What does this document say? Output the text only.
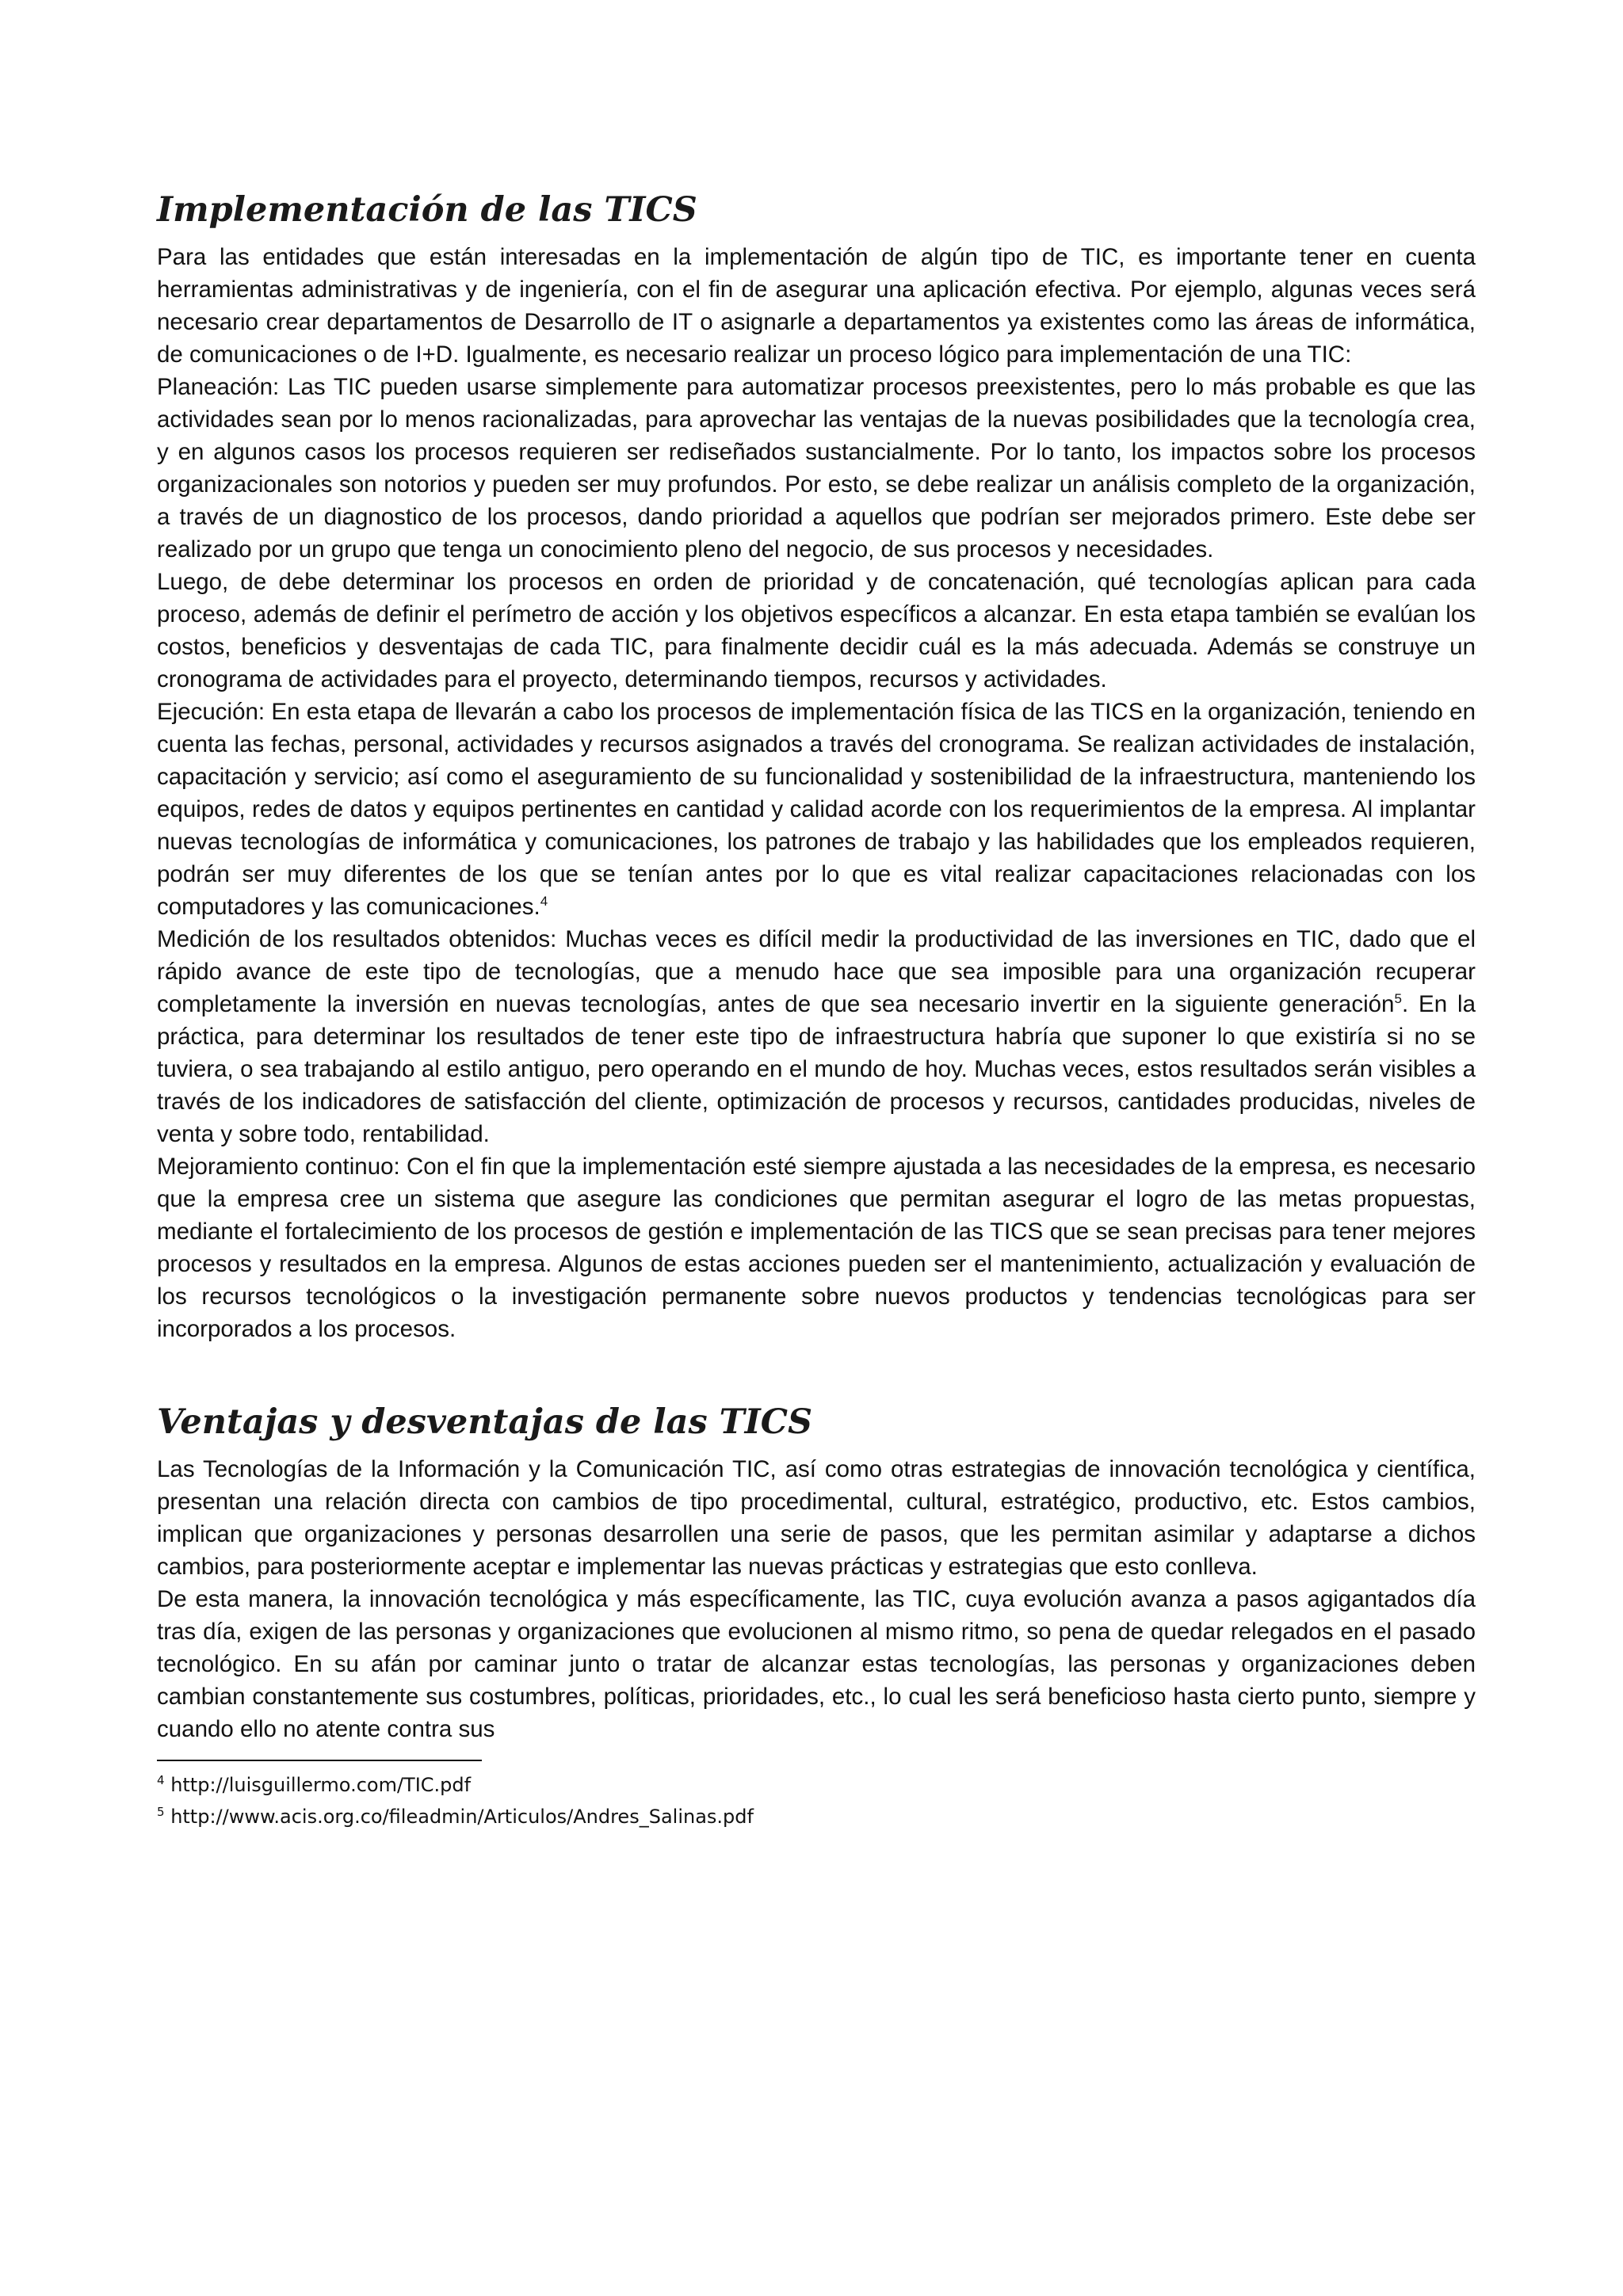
Implementación de las TICS

Para las entidades que están interesadas en la implementación de algún tipo de TIC, es importante tener en cuenta herramientas administrativas y de ingeniería, con el fin de asegurar una aplicación efectiva. Por ejemplo, algunas veces será necesario crear departamentos de Desarrollo de IT o asignarle a departamentos ya existentes como las áreas de informática, de comunicaciones o de I+D. Igualmente, es necesario realizar un proceso lógico para implementación de una TIC:

Planeación: Las TIC pueden usarse simplemente para automatizar procesos preexistentes, pero lo más probable es que las actividades sean por lo menos racionalizadas, para aprovechar las ventajas de la nuevas posibilidades que la tecnología crea, y en algunos casos los procesos requieren ser rediseñados sustancialmente. Por lo tanto, los impactos sobre los procesos organizacionales son notorios y pueden ser muy profundos. Por esto, se debe realizar un análisis completo de la organización, a través de un diagnostico de los procesos, dando prioridad a aquellos que podrían ser mejorados primero. Este debe ser realizado por un grupo que tenga un conocimiento pleno del negocio, de sus procesos y necesidades.

Luego, de debe determinar los procesos en orden de prioridad y de concatenación, qué tecnologías aplican para cada proceso, además de definir el perímetro de acción y los objetivos específicos a alcanzar. En esta etapa también se evalúan los costos, beneficios y desventajas de cada TIC, para finalmente decidir cuál es la más adecuada. Además se construye un cronograma de actividades para el proyecto, determinando tiempos, recursos y actividades.

Ejecución: En esta etapa de llevarán a cabo los procesos de implementación física de las TICS en la organización, teniendo en cuenta las fechas, personal, actividades y recursos asignados a través del cronograma. Se realizan actividades de instalación, capacitación y servicio; así como el aseguramiento de su funcionalidad y sostenibilidad de la infraestructura, manteniendo los equipos, redes de datos y equipos pertinentes en cantidad y calidad acorde con los requerimientos de la empresa. Al implantar nuevas tecnologías de informática y comunicaciones, los patrones de trabajo y las habilidades que los empleados requieren, podrán ser muy diferentes de los que se tenían antes por lo que es vital realizar capacitaciones relacionadas con los computadores y las comunicaciones.$^4$

Medición de los resultados obtenidos: Muchas veces es difícil medir la productividad de las inversiones en TIC, dado que el rápido avance de este tipo de tecnologías, que a menudo hace que sea imposible para una organización recuperar completamente la inversión en nuevas tecnologías, antes de que sea necesario invertir en la siguiente generación$^5$. En la práctica, para determinar los resultados de tener este tipo de infraestructura habría que suponer lo que existiría si no se tuviera, o sea trabajando al estilo antiguo, pero operando en el mundo de hoy. Muchas veces, estos resultados serán visibles a través de los indicadores de satisfacción del cliente, optimización de procesos y recursos, cantidades producidas, niveles de venta y sobre todo, rentabilidad.

Mejoramiento continuo: Con el fin que la implementación esté siempre ajustada a las necesidades de la empresa, es necesario que la empresa cree un sistema que asegure las condiciones que permitan asegurar el logro de las metas propuestas, mediante el fortalecimiento de los procesos de gestión e implementación de las TICS que se sean precisas para tener mejores procesos y resultados en la empresa. Algunos de estas acciones pueden ser el mantenimiento, actualización y evaluación de los recursos tecnológicos o la investigación permanente sobre nuevos productos y tendencias tecnológicas para ser incorporados a los procesos.

Ventajas y desventajas de las TICS

Las Tecnologías de la Información y la Comunicación TIC, así como otras estrategias de innovación tecnológica y científica, presentan una relación directa con cambios de tipo procedimental, cultural, estratégico, productivo, etc. Estos cambios, implican que organizaciones y personas desarrollen una serie de pasos, que les permitan asimilar y adaptarse a dichos cambios, para posteriormente aceptar e implementar las nuevas prácticas y estrategias que esto conlleva.

De esta manera, la innovación tecnológica y más específicamente, las TIC, cuya evolución avanza a pasos agigantados día tras día, exigen de las personas y organizaciones que evolucionen al mismo ritmo, so pena de quedar relegados en el pasado tecnológico. En su afán por caminar junto o tratar de alcanzar estas tecnologías, las personas y organizaciones deben cambian constantemente sus costumbres, políticas, prioridades, etc., lo cual les será beneficioso hasta cierto punto, siempre y cuando ello no atente contra sus

$^4$ http://luisguillermo.com/TIC.pdf

$^5$ http://www.acis.org.co/fileadmin/Articulos/Andres_Salinas.pdf
